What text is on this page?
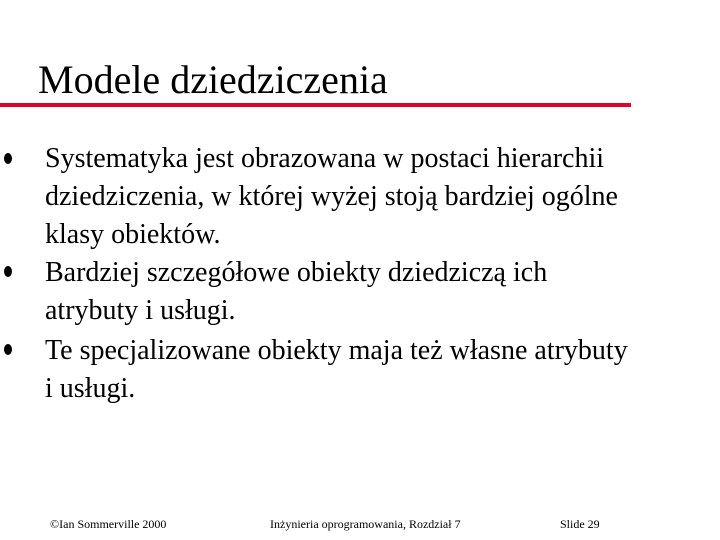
Modele dziedziczenia
Systematyka jest obrazowana w postaci hierarchii
dziedziczenia, w której wyżej stoją bardziej ogólne
klasy obiektów.
Bardziej szczegółowe obiekty dziedziczą ich
atrybuty i usługi.
Te specjalizowane obiekty maja też własne atrybuty
i usługi.
©Ian Sommerville 2000	Inżynieria oprogramowania, Rozdział 7	Slide 29
